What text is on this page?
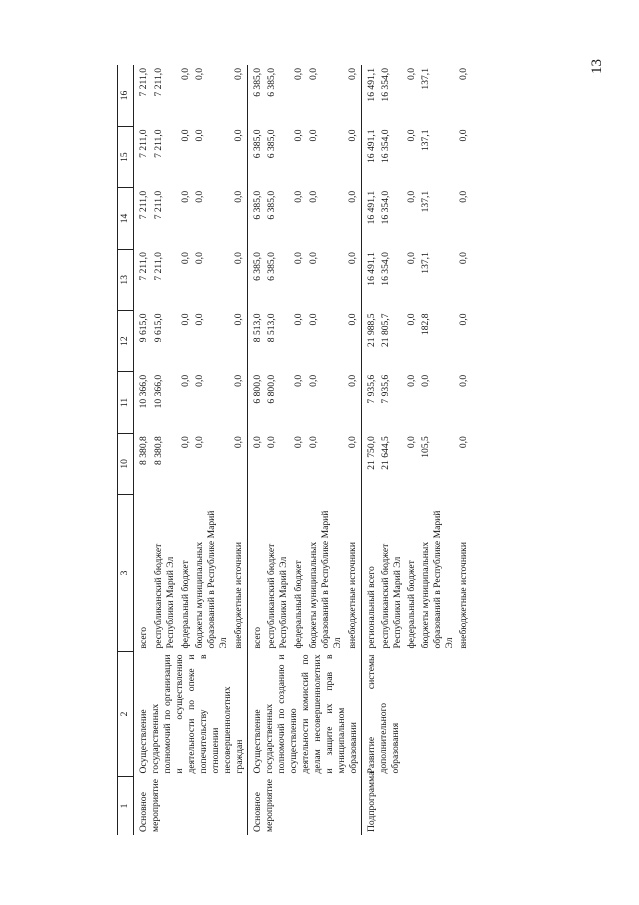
13
1	2	3	10	11	12	13	14	15	16
Основное мероприятие	Осуществление государственных полномочий по организации и осуществлению деятельности по опеке и попечительству в отношении несовершеннолетних граждан	всего	8 380,8	10 366,0	9 615,0	7 211,0	7 211,0	7 211,0	7 211,0
		республиканский бюджет Республики Марий Эл	8 380,8	10 366,0	9 615,0	7 211,0	7 211,0	7 211,0	7 211,0
		федеральный бюджет	0,0	0,0	0,0	0,0	0,0	0,0	0,0
		бюджеты муниципальных образований в Республике Марий Эл	0,0	0,0	0,0	0,0	0,0	0,0	0,0
		внебюджетные источники	0,0	0,0	0,0	0,0	0,0	0,0	0,0
Основное мероприятие	Осуществление государственных полномочий по созданию и осуществлению деятельности комиссий по делам несовершеннолетних и защите их прав в муниципальном образовании	всего	0,0	6 800,0	8 513,0	6 385,0	6 385,0	6 385,0	6 385,0
		республиканский бюджет Республики Марий Эл	0,0	6 800,0	8 513,0	6 385,0	6 385,0	6 385,0	6 385,0
		федеральный бюджет	0,0	0,0	0,0	0,0	0,0	0,0	0,0
		бюджеты муниципальных образований в Республике Марий Эл	0,0	0,0	0,0	0,0	0,0	0,0	0,0
		внебюджетные источники	0,0	0,0	0,0	0,0	0,0	0,0	0,0
Подпрограмма	Развитие системы дополнительного образования	региональный всего	21 750,0	7 935,6	21 988,5	16 491,1	16 491,1	16 491,1	16 491,1
		республиканский бюджет Республики Марий Эл	21 644,5	7 935,6	21 805,7	16 354,0	16 354,0	16 354,0	16 354,0
		федеральный бюджет	0,0	0,0	0,0	0,0	0,0	0,0	0,0
		бюджеты муниципальных образований в Республике Марий Эл	105,5	0,0	182,8	137,1	137,1	137,1	137,1
		внебюджетные источники	0,0	0,0	0,0	0,0	0,0	0,0	0,0
